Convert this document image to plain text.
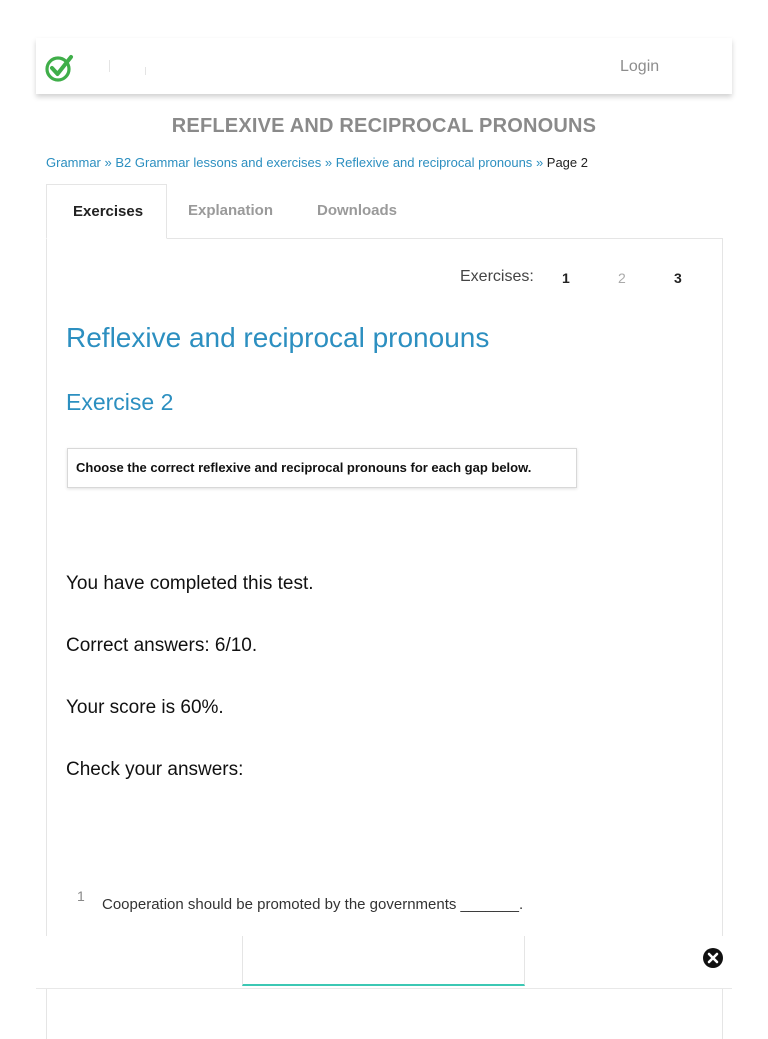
Login
REFLEXIVE AND RECIPROCAL PRONOUNS
Grammar » B2 Grammar lessons and exercises » Reflexive and reciprocal pronouns » Page 2
Exercises	Explanation	Downloads
Exercises: 1	2	3
Reflexive and reciprocal pronouns
Exercise 2
Choose the correct reflexive and reciprocal pronouns for each gap below.
You have completed this test.
Correct answers: 6/10.
Your score is 60%.
Check your answers:
1 Cooperation should be promoted by the governments _______.
